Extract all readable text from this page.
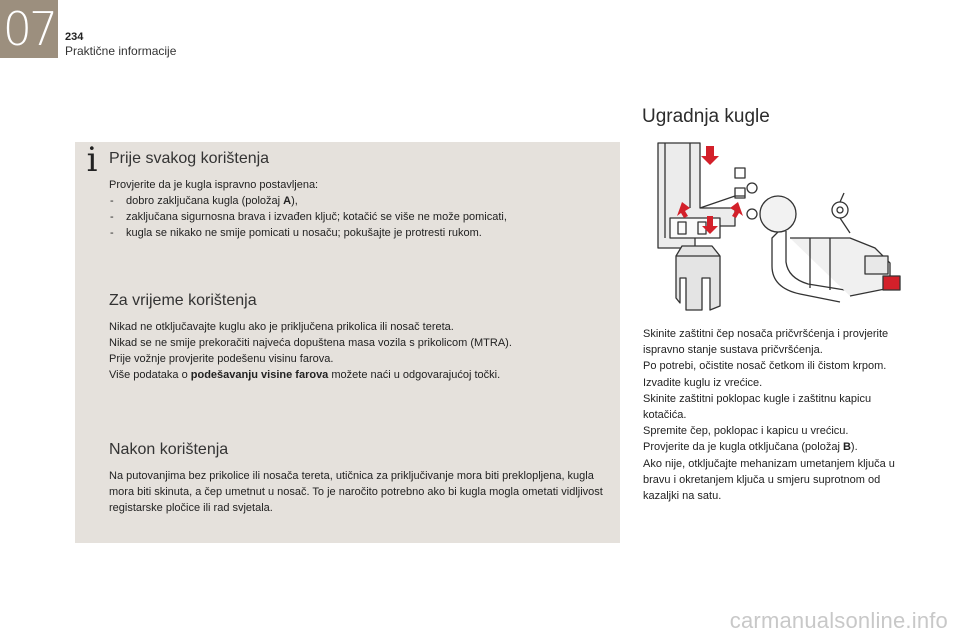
07 234
Praktične informacije
i Prije svakog korištenja

Provjerite da je kugla ispravno postavljena:

- dobro zaključana kugla (položaj A),
- zaključana sigurnosna brava i izvađen ključ; kotačić se više ne može pomicati,
- kugla se nikako ne smije pomicati u nosaču; pokušajte je protresti rukom.
Za vrijeme korištenja

Nikad ne otključavajte kuglu ako je priključena prikolica ili nosač tereta.

Nikad se ne smije prekoračiti najveća dopuštena masa vozila s prikolicom (MTRA).

Prije vožnje provjerite podešenu visinu farova.

Više podataka o podešavanju visine farova možete naći u odgovarajućoj točki.

Nakon korištenja

Na putovanjima bez prikolice ili nosača tereta, utičnica za priključivanje mora biti preklopljena, kugla mora biti skinuta, a čep umetnut u nosač. To je naročito potrebno ako bi kugla mogla ometati vidljivost registarske pločice ili rad svjetala.

Ugradnja kugle

Skinite zaštitni čep nosača pričvršćenja i provjerite ispravno stanje sustava pričvršćenja.

Po potrebi, očistite nosač četkom ili čistom krpom.

Izvadite kuglu iz vrećice.

Skinite zaštitni poklopac kugle i zaštitnu kapicu kotačića.

Spremite čep, poklopac i kapicu u vrećicu.

Provjerite da je kugla otključana (položaj B).

Ako nije, otključajte mehanizam umetanjem ključa u bravu i okretanjem ključa u smjeru suprotnom od kazaljki na satu.

carmanualsonline.info
